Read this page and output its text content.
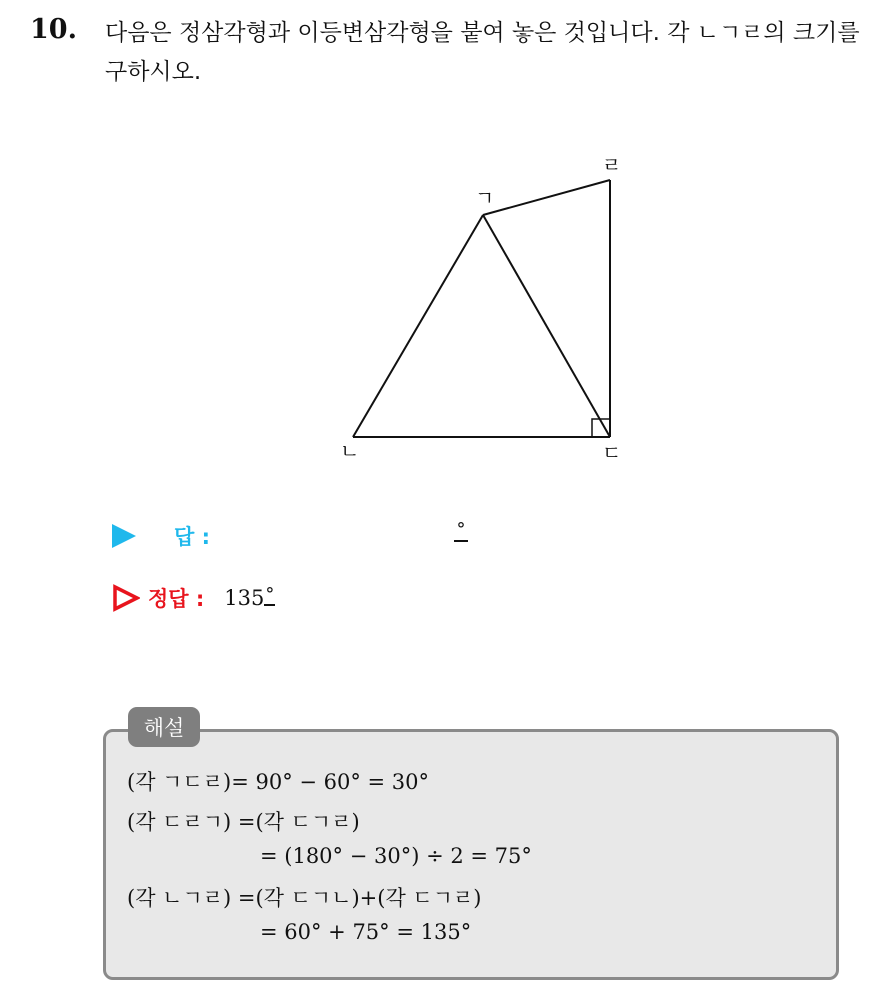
10. 다음은 정삼각형과 이등변삼각형을 붙여 놓은 것입니다. 각 ㄴㄱㄹ의 크기를 구하시오.
ㄱ
ㄴ	ㄷ
ㄹ
답 :	°
정답 : 135 °
해설
(각 ㄱㄷㄹ)= 90° − 60° = 30°
(각 ㄷㄹㄱ) =(각 ㄷㄱㄹ)
= (180° − 30°) ÷ 2 = 75°
(각 ㄴㄱㄹ) =(각 ㄷㄱㄴ)+(각 ㄷㄱㄹ)
= 60° + 75° = 135°
